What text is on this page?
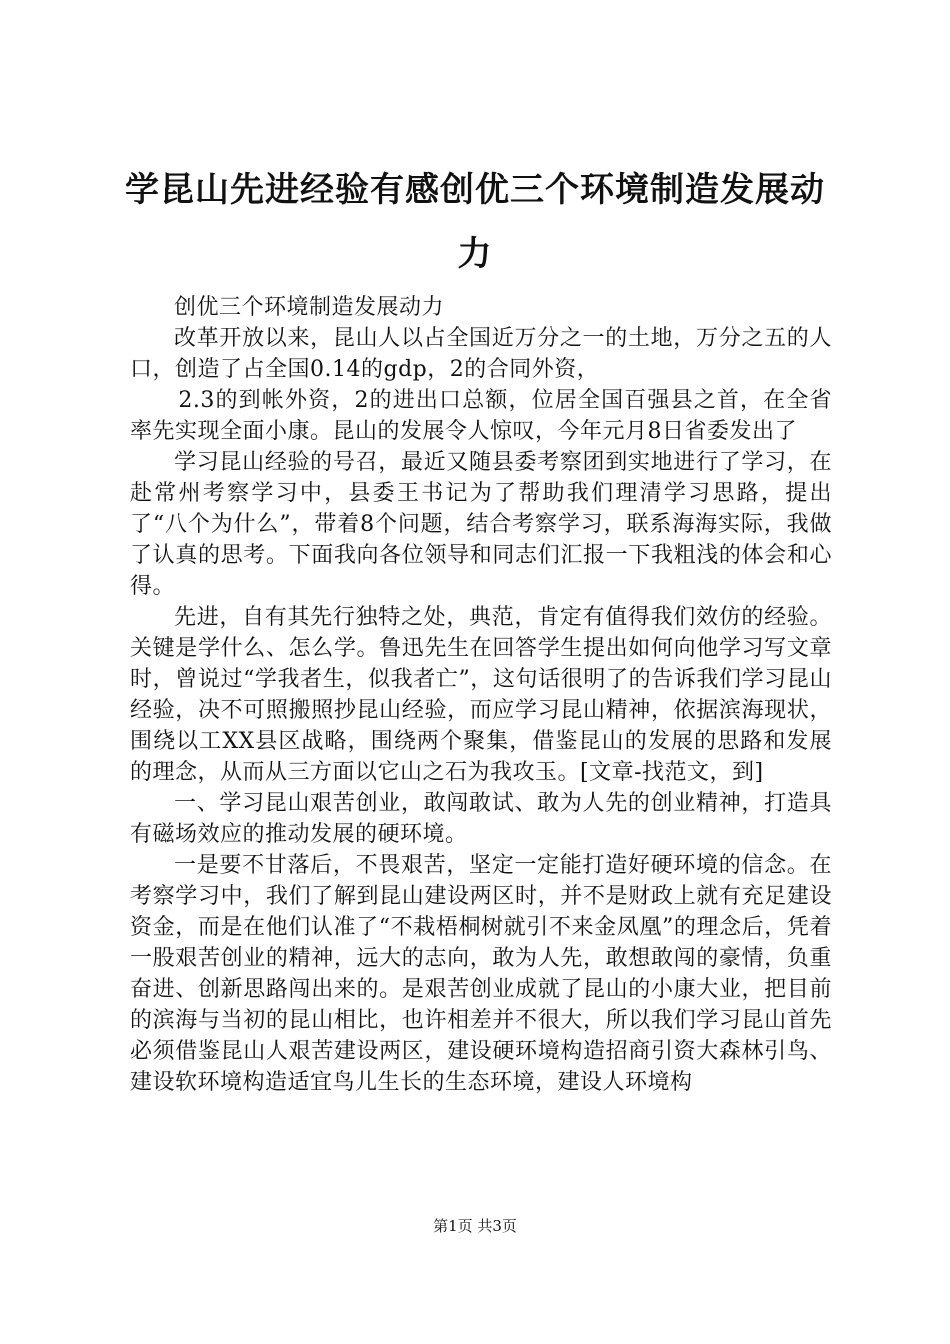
学昆山先进经验有感创优三个环境制造发展动力

创优三个环境制造发展动力

改革开放以来，昆山人以占全国近万分之一的土地，万分之五的人口，创造了占全国0.14的gdp，2的合同外资，

2.3的到帐外资，2的进出口总额，位居全国百强县之首，在全省率先实现全面小康。昆山的发展令人惊叹，今年元月8日省委发出了

学习昆山经验的号召，最近又随县委考察团到实地进行了学习，在赴常州考察学习中，县委王书记为了帮助我们理清学习思路，提出了“八个为什么”，带着8个问题，结合考察学习，联系海海实际，我做了认真的思考。下面我向各位领导和同志们汇报一下我粗浅的体会和心得。

先进，自有其先行独特之处，典范，肯定有值得我们效仿的经验。关键是学什么、怎么学。鲁迅先生在回答学生提出如何向他学习写文章时，曾说过“学我者生，似我者亡”，这句话很明了的告诉我们学习昆山经验，决不可照搬照抄昆山经验，而应学习昆山精神，依据滨海现状，围绕以工XX县区战略，围绕两个聚集，借鉴昆山的发展的思路和发展的理念，从而从三方面以它山之石为我攻玉。[文章-找范文，到]

一、学习昆山艰苦创业，敢闯敢试、敢为人先的创业精神，打造具有磁场效应的推动发展的硬环境。

一是要不甘落后，不畏艰苦，坚定一定能打造好硬环境的信念。在考察学习中，我们了解到昆山建设两区时，并不是财政上就有充足建设资金，而是在他们认准了“不栽梧桐树就引不来金凤凰”的理念后，凭着一股艰苦创业的精神，远大的志向，敢为人先，敢想敢闯的豪情，负重奋进、创新思路闯出来的。是艰苦创业成就了昆山的小康大业，把目前的滨海与当初的昆山相比，也许相差并不很大，所以我们学习昆山首先必须借鉴昆山人艰苦建设两区，建设硬环境构造招商引资大森林引鸟、建设软环境构造适宜鸟儿生长的生态环境，建设人环境构

第1页 共3页
